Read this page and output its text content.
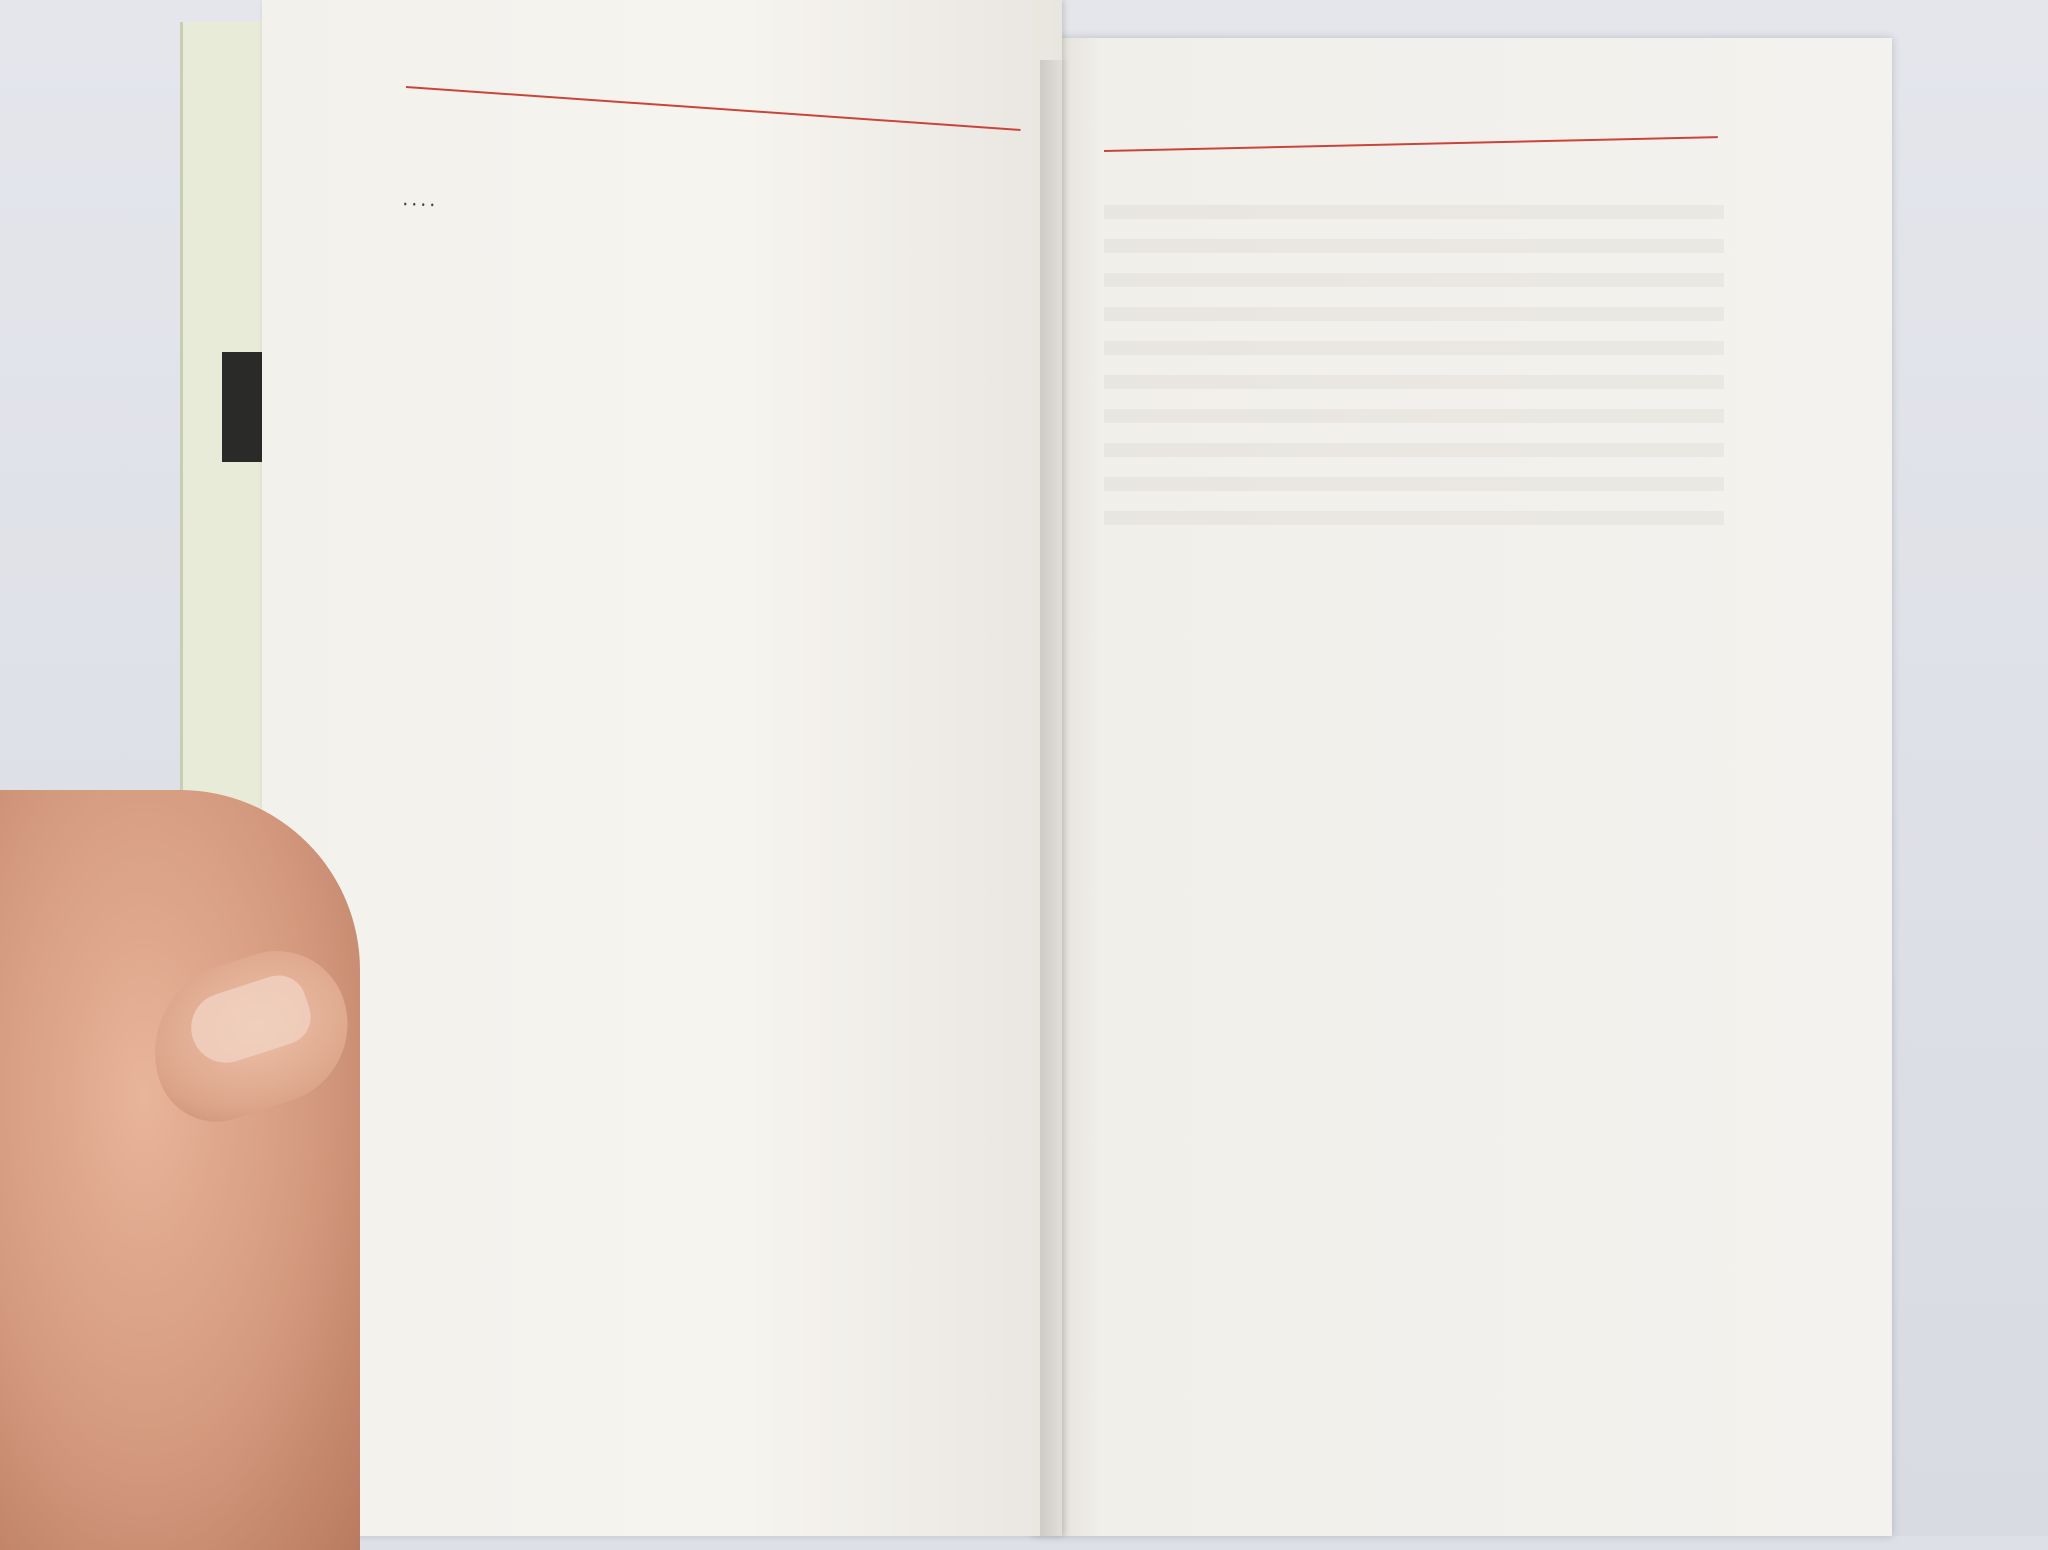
....
